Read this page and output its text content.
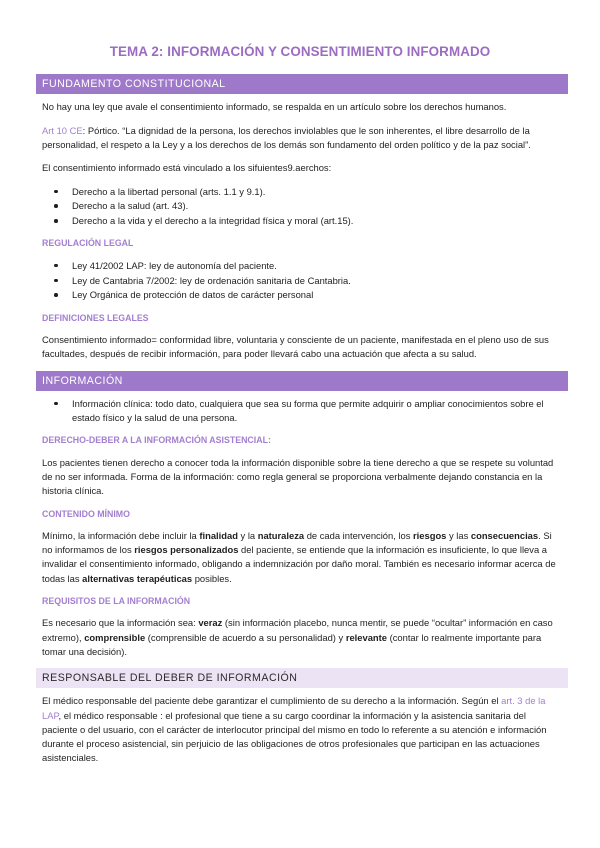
TEMA 2: INFORMACIÓN Y CONSENTIMIENTO INFORMADO
FUNDAMENTO CONSTITUCIONAL

No hay una ley que avale el consentimiento informado, se respalda en un artículo sobre los derechos humanos.

Art 10 CE: Pórtico. “La dignidad de la persona, los derechos inviolables que le son inherentes, el libre desarrollo de la personalidad, el respeto a la Ley y a los derechos de los demás son fundamento del orden político y de la paz social”.

El consentimiento informado está vinculado a los sifuientes9.aerchos:

Derecho a la libertad personal (arts. 1.1 y 9.1).
Derecho a la salud (art. 43).
Derecho a la vida y el derecho a la integridad física y moral (art.15).
REGULACIÓN LEGAL
Ley 41/2002 LAP: ley de autonomía del paciente.
Ley de Cantabria 7/2002: ley de ordenación sanitaria de Cantabria.
Ley Orgánica de protección de datos de carácter personal
DEFINICIONES LEGALES

Consentimiento informado= conformidad libre, voluntaria y consciente de un paciente, manifestada en el pleno uso de sus facultades, después de recibir información, para poder llevará cabo una actuación que afecta a su salud.

INFORMACIÓN
Información clínica: todo dato, cualquiera que sea su forma que permite adquirir o ampliar conocimientos sobre el estado físico y la salud de una persona.
DERECHO-DEBER A LA INFORMACIÓN ASISTENCIAL:

Los pacientes tienen derecho a conocer toda la información disponible sobre la tiene derecho a que se respete su voluntad de no ser informada. Forma de la información: como regla general se proporciona verbalmente dejando constancia en la historia clínica.

CONTENIDO MÍNIMO

Mínimo, la información debe incluir la finalidad y la naturaleza de cada intervención, los riesgos y las consecuencias. Si no informamos de los riesgos personalizados del paciente, se entiende que la información es insuficiente, lo que lleva a invalidar el consentimiento informado, obligando a indemnización por daño moral. También es necesario informar acerca de todas las alternativas terapéuticas posibles.

REQUISITOS DE LA INFORMACIÓN

Es necesario que la información sea: veraz (sin información placebo, nunca mentir, se puede “ocultar” información en caso extremo), comprensible (comprensible de acuerdo a su personalidad) y relevante (contar lo realmente importante para tomar una decisión).

RESPONSABLE DEL DEBER DE INFORMACIÓN

El médico responsable del paciente debe garantizar el cumplimiento de su derecho a la información. Según el art. 3 de la LAP, el médico responsable : el profesional que tiene a su cargo coordinar la información y la asistencia sanitaria del paciente o del usuario, con el carácter de interlocutor principal del mismo en todo lo referente a su atención e información durante el proceso asistencial, sin perjuicio de las obligaciones de otros profesionales que participan en las actuaciones asistenciales.
